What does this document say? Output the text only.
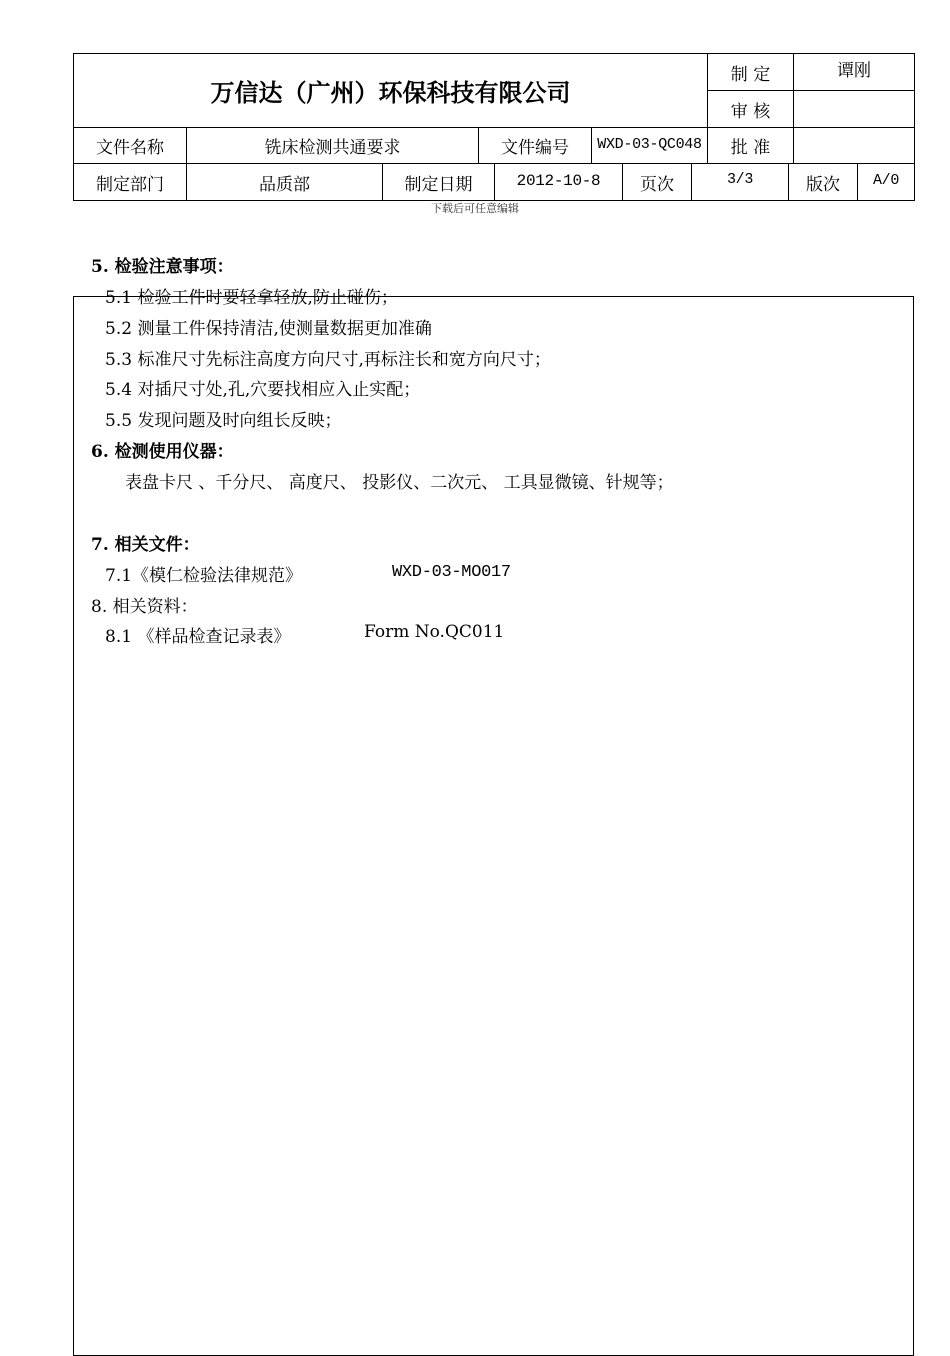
万信达（广州）环保科技有限公司
制 定	谭刚
审 核
文件名称	铣床检测共通要求	文件编号	WXD-03-QC048	批 准
制定部门	品质部	制定日期	2012-10-8	页次	3/3	版次	A/0
下载后可任意编辑
5. 检验注意事项：
5.1 检验工件时要轻拿轻放,防止碰伤；
5.2 测量工件保持清洁,使测量数据更加准确
5.3 标准尺寸先标注高度方向尺寸,再标注长和宽方向尺寸；
5.4 对插尺寸处,孔,穴要找相应入止实配；
5.5 发现问题及时向组长反映；
6. 检测使用仪器：
表盘卡尺 、千分尺、 高度尺、 投影仪、二次元、 工具显微镜、针规等；
7. 相关文件：
7.1《模仁检验法律规范》	WXD-03-MO017
8. 相关资料：
8.1 《样品检查记录表》	Form No.QC011
